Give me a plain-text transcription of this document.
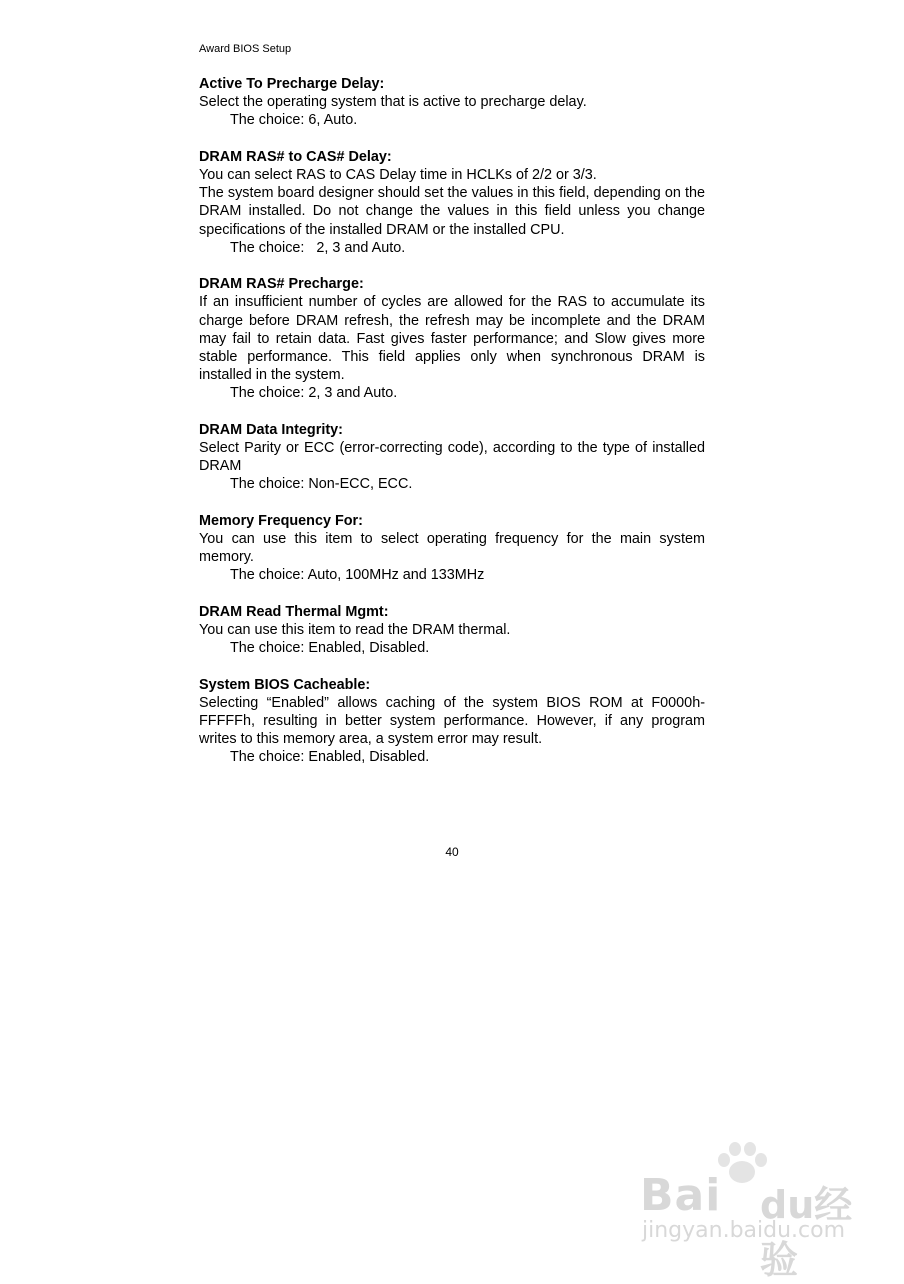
Award BIOS Setup

Active To Precharge Delay:

Select the operating system that is active to precharge delay.

The choice: 6, Auto.

DRAM RAS# to CAS# Delay:

You can select RAS to CAS Delay time in HCLKs of 2/2 or 3/3.

The system board designer should set the values in this field, depending on the DRAM installed. Do not change the values in this field unless you change specifications of the installed DRAM or the installed CPU.

The choice:   2, 3 and Auto.

DRAM RAS# Precharge:

If an insufficient number of cycles are allowed for the RAS to accumulate its charge before DRAM refresh, the refresh may be incomplete and the DRAM may fail to retain data. Fast gives faster performance; and Slow gives more stable performance. This field applies only when synchronous DRAM is installed in the system.

The choice: 2, 3 and Auto.

DRAM Data Integrity:

Select Parity or ECC (error-correcting code), according to the type of installed DRAM

The choice: Non-ECC, ECC.

Memory Frequency For:

You can use this item to select operating frequency for the main system memory.

The choice: Auto, 100MHz and 133MHz

DRAM Read Thermal Mgmt:

You can use this item to read the DRAM thermal.

The choice: Enabled, Disabled.

System BIOS Cacheable:

Selecting “Enabled” allows caching of the system BIOS ROM at F0000h-FFFFFh, resulting in better system performance. However, if any program writes to this memory area, a system error may result.

The choice: Enabled, Disabled.

40
Bai du经验
jingyan.baidu.com
